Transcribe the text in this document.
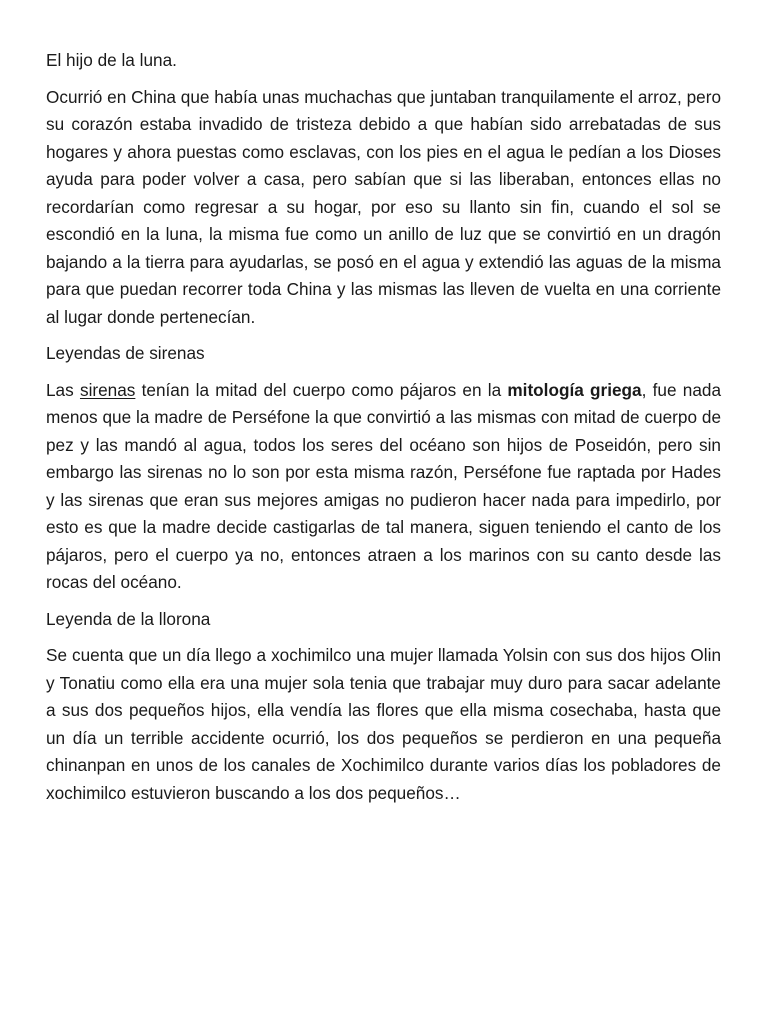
El hijo de la luna.

Ocurrió en China que había unas muchachas que juntaban tranquilamente el arroz, pero su corazón estaba invadido de tristeza debido a que habían sido arrebatadas de sus hogares y ahora puestas como esclavas, con los pies en el agua le pedían a los Dioses ayuda para poder volver a casa, pero sabían que si las liberaban, entonces ellas no recordarían como regresar a su hogar, por eso su llanto sin fin, cuando el sol se escondió en la luna, la misma fue como un anillo de luz que se convirtió en un dragón bajando a la tierra para ayudarlas, se posó en el agua y extendió las aguas de la misma para que puedan recorrer toda China y las mismas las lleven de vuelta en una corriente al lugar donde pertenecían.

Leyendas de sirenas

Las sirenas tenían la mitad del cuerpo como pájaros en la mitología griega, fue nada menos que la madre de Perséfone la que convirtió a las mismas con mitad de cuerpo de pez y las mandó al agua, todos los seres del océano son hijos de Poseidón, pero sin embargo las sirenas no lo son por esta misma razón, Perséfone fue raptada por Hades y las sirenas que eran sus mejores amigas no pudieron hacer nada para impedirlo, por esto es que la madre decide castigarlas de tal manera, siguen teniendo el canto de los pájaros, pero el cuerpo ya no, entonces atraen a los marinos con su canto desde las rocas del océano.

Leyenda de la llorona

Se cuenta que un día llego a xochimilco una mujer llamada Yolsin con sus dos hijos Olin y Tonatiu como ella era una mujer sola tenia que trabajar muy duro para sacar adelante a sus dos pequeños hijos, ella vendía las flores que ella misma cosechaba, hasta que un día un terrible accidente ocurrió, los dos pequeños se perdieron en una pequeña chinanpan en unos de los canales de Xochimilco durante varios días los pobladores de xochimilco estuvieron buscando a los dos pequeños…
